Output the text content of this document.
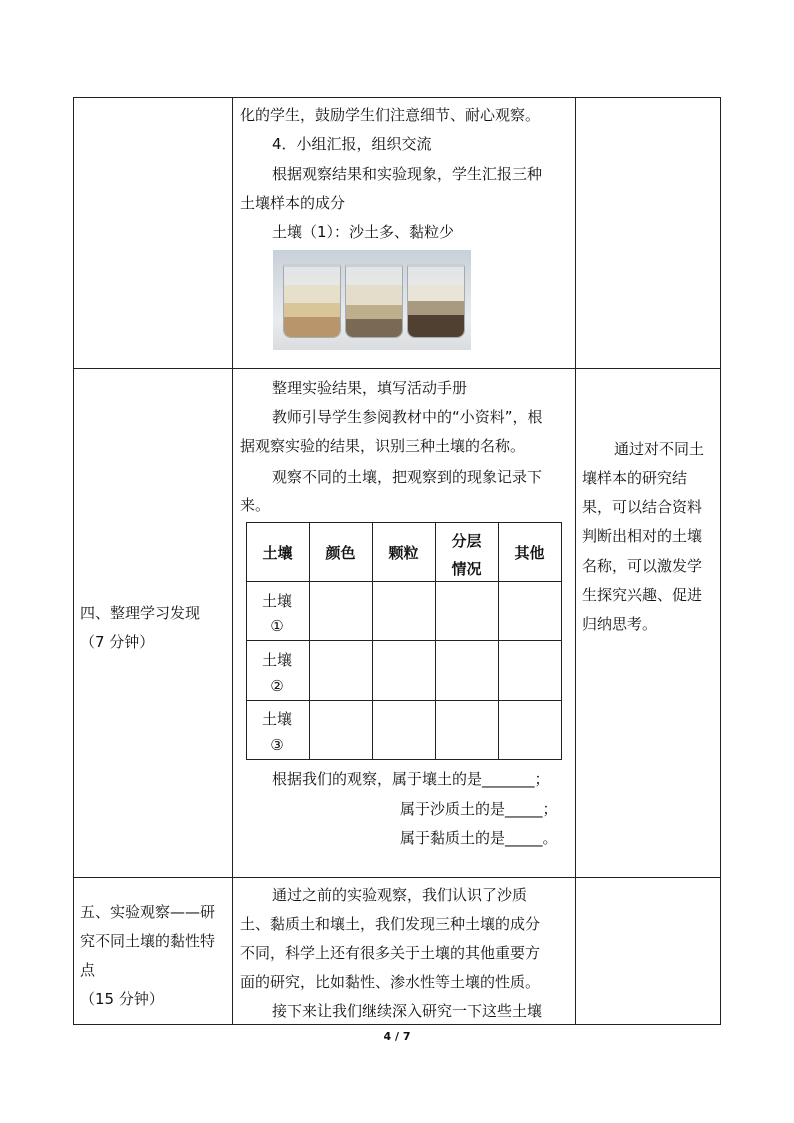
化的学生，鼓励学生们注意细节、耐心观察。
4．小组汇报，组织交流
根据观察结果和实验现象，学生汇报三种
土壤样本的成分
土壤（1）：沙土多、黏粒少
四、整理学习发现
（7 分钟）
整理实验结果，填写活动手册
教师引导学生参阅教材中的“小资料”，根
据观察实验的结果，识别三种土壤的名称。
观察不同的土壤，把观察到的现象记录下
来。
土壤	颜色	颗粒
分层
情况
其他
土壤
①
土壤
②
土壤
③
根据我们的观察，属于壤土的是_______；
属于沙质土的是_____；
属于黏质土的是_____。
通过对不同土
壤样本的研究结
果，可以结合资料
判断出相对的土壤
名称，可以激发学
生探究兴趣、促进
归纳思考。
五、实验观察——研
究不同土壤的黏性特
点
（15 分钟）
通过之前的实验观察，我们认识了沙质
土、黏质土和壤土，我们发现三种土壤的成分
不同，科学上还有很多关于土壤的其他重要方
面的研究，比如黏性、渗水性等土壤的性质。
接下来让我们继续深入研究一下这些土壤
4 / 7
